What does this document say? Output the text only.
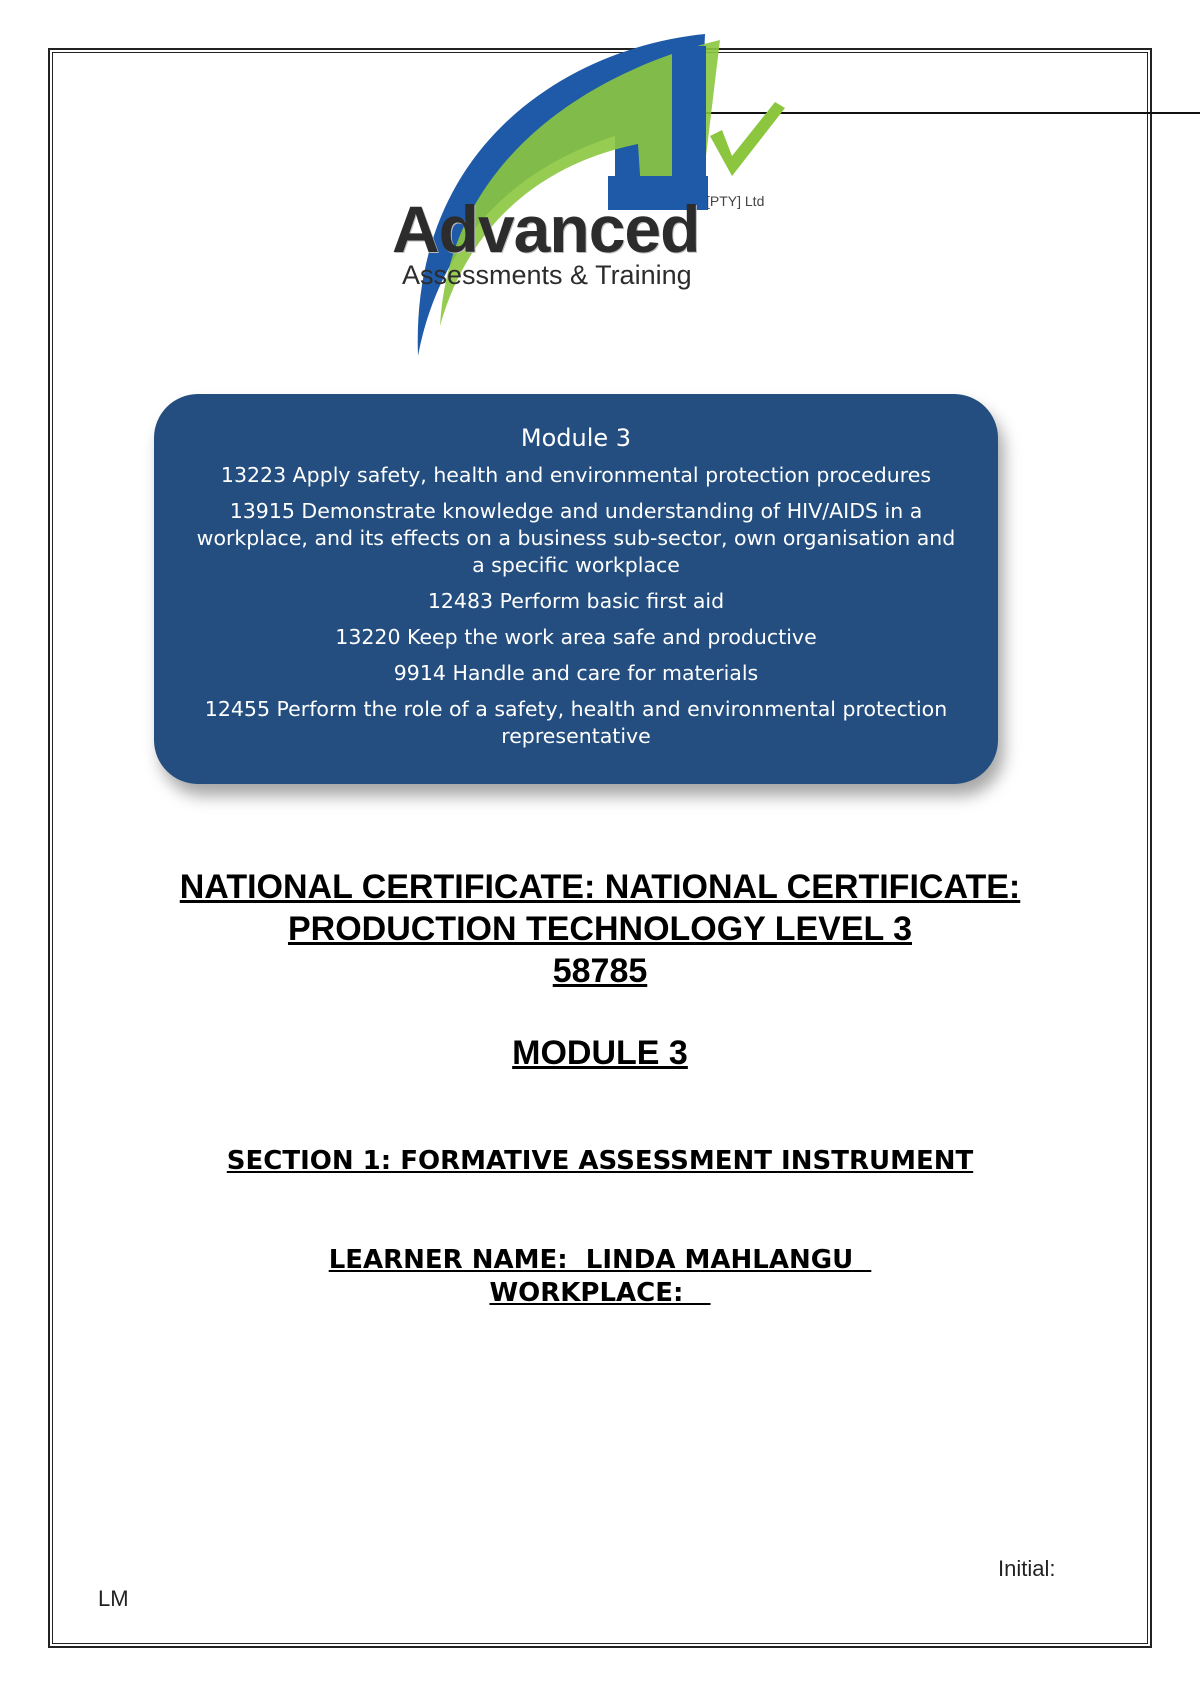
[PTY] Ltd
Advanced
Assessments & Training
Module 3
13223 Apply safety, health and environmental protection procedures
13915 Demonstrate knowledge and understanding of HIV/AIDS in a workplace, and its effects on a business sub-sector, own organisation and a specific workplace
12483 Perform basic first aid
13220 Keep the work area safe and productive
9914 Handle and care for materials
12455 Perform the role of a safety, health and environmental protection representative
NATIONAL CERTIFICATE: NATIONAL CERTIFICATE:
PRODUCTION TECHNOLOGY LEVEL 3
58785
MODULE 3
SECTION 1: FORMATIVE ASSESSMENT INSTRUMENT
LEARNER NAME:  LINDA MAHLANGU
WORKPLACE:
Initial:
LM
